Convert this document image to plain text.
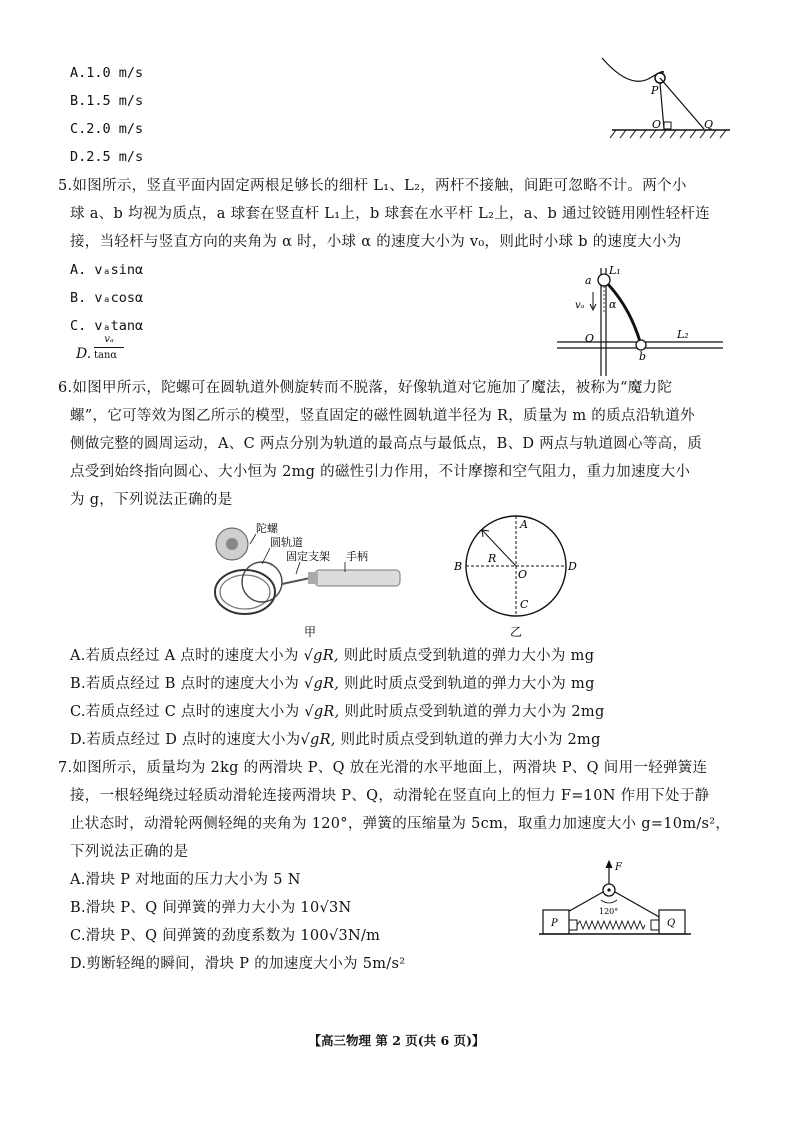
A.1.0 m/s
B.1.5 m/s
C.2.0 m/s
D.2.5 m/s
P
O	Q
5.如图所示，竖直平面内固定两根足够长的细杆 L₁、L₂，两杆不接触，间距可忽略不计。两个小
球 a、b 均视为质点，a 球套在竖直杆 L₁上，b 球套在水平杆 L₂上，a、b 通过铰链用刚性轻杆连
接，当轻杆与竖直方向的夹角为 α 时，小球 α 的速度大小为 v₀，则此时小球 b 的速度大小为
A. vₐsinα
B. vₐcosα
C. vₐtanα
D.
vₐ
tanα
L₁
L₂
a
vₐ α
O
b
6.如图甲所示，陀螺可在圆轨道外侧旋转而不脱落，好像轨道对它施加了魔法，被称为“魔力陀
螺”，它可等效为图乙所示的模型，竖直固定的磁性圆轨道半径为 R，质量为 m 的质点沿轨道外
侧做完整的圆周运动，A、C 两点分别为轨道的最高点与最低点，B、D 两点与轨道圆心等高，质
点受到始终指向圆心、大小恒为 2mg 的磁性引力作用，不计摩擦和空气阻力，重力加速度大小
为 g，下列说法正确的是
陀螺
圆轨道
固定支架 手柄
甲
A
B
C
D
R
O
乙
A.若质点经过 A 点时的速度大小为 √gR, 则此时质点受到轨道的弹力大小为 mg
B.若质点经过 B 点时的速度大小为 √gR, 则此时质点受到轨道的弹力大小为 mg
C.若质点经过 C 点时的速度大小为 √gR, 则此时质点受到轨道的弹力大小为 2mg
D.若质点经过 D 点时的速度大小为√gR, 则此时质点受到轨道的弹力大小为 2mg
7.如图所示，质量均为 2kg 的两滑块 P、Q 放在光滑的水平地面上，两滑块 P、Q 间用一轻弹簧连
接，一根轻绳绕过轻质动滑轮连接两滑块 P、Q，动滑轮在竖直向上的恒力 F=10N 作用下处于静
止状态时，动滑轮两侧轻绳的夹角为 120°，弹簧的压缩量为 5cm，取重力加速度大小 g=10m/s²，
下列说法正确的是
A.滑块 P 对地面的压力大小为 5 N
B.滑块 P、Q 间弹簧的弹力大小为 10√3N
C.滑块 P、Q 间弹簧的劲度系数为 100√3N/m
D.剪断轻绳的瞬间，滑块 P 的加速度大小为 5m/s²
F
120°
P	Q
【高三物理 第 2 页(共 6 页)】
